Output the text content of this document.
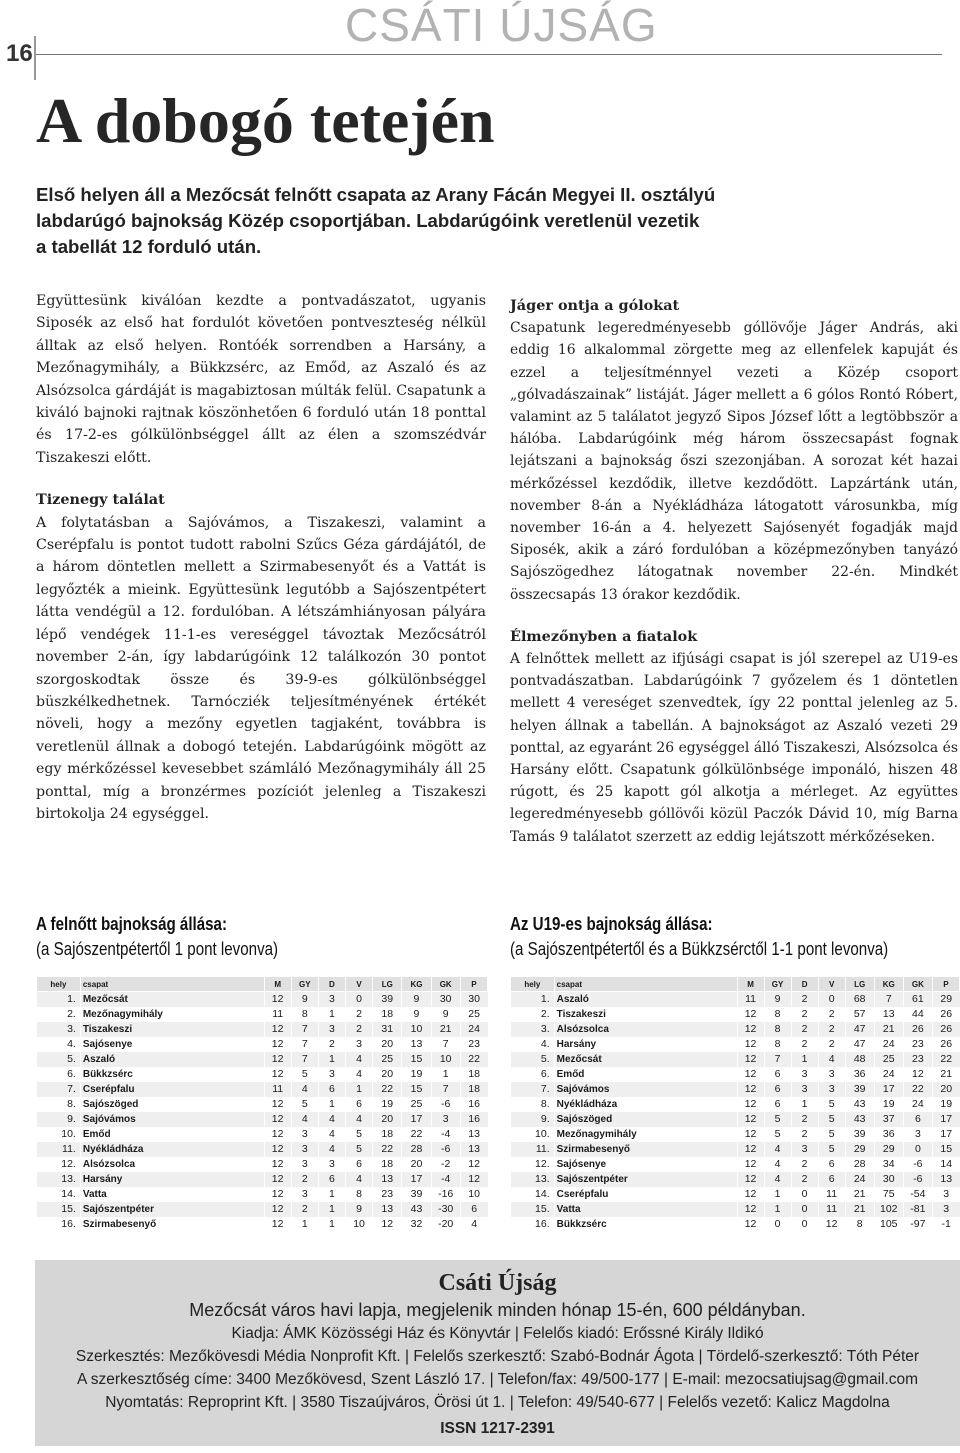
16
CSÁTI ÚJSÁG
A dobogó tetején
Első helyen áll a Mezőcsát felnőtt csapata az Arany Fácán Megyei II. osztályú
labdarúgó bajnokság Közép csoportjában. Labdarúgóink veretlenül vezetik
a tabellát 12 forduló után.

Együttesünk kiválóan kezdte a pontvadászatot, ugyanis Siposék az első hat fordulót követően pontveszteség nélkül álltak az első helyen. Rontóék sorrendben a Harsány, a Mezőnagymihály, a Bükkzsérc, az Emőd, az Aszaló és az Alsózsolca gárdáját is magabiztosan múlták felül. Csapatunk a kiváló bajnoki rajtnak köszönhetően 6 forduló után 18 ponttal és 17-2-es gólkülönbséggel állt az élen a szomszédvár Tiszakeszi előtt.

Tizenegy találat

A folytatásban a Sajóvámos, a Tiszakeszi, valamint a Cserépfalu is pontot tudott rabolni Szűcs Géza gárdájától, de a három döntetlen mellett a Szirmabesenyőt és a Vattát is legyőzték a mieink. Együttesünk legutóbb a Sajószentpétert látta vendégül a 12. fordulóban. A létszámhiányosan pályára lépő vendégek 11-1-es vereséggel távoztak Mezőcsátról november 2-án, így labdarúgóink 12 találkozón 30 pontot szorgoskodtak össze és 39-9-es gólkülönbséggel büszkélkedhetnek. Tarnócziék teljesítményének értékét növeli, hogy a mezőny egyetlen tagjaként, továbbra is veretlenül állnak a dobogó tetején. Labdarúgóink mögött az egy mérkőzéssel kevesebbet számláló Mezőnagymihály áll 25 ponttal, míg a bronzérmes pozíciót jelenleg a Tiszakeszi birtokolja 24 egységgel.

Jáger ontja a gólokat

Csapatunk legeredményesebb góllövője Jáger András, aki eddig 16 alkalommal zörgette meg az ellenfelek kapuját és ezzel a teljesítménnyel vezeti a Közép csoport „gólvadászainak” listáját. Jáger mellett a 6 gólos Rontó Róbert, valamint az 5 találatot jegyző Sipos József lőtt a legtöbbször a hálóba. Labdarúgóink még három összecsapást fognak lejátszani a bajnokság őszi szezonjában. A sorozat két hazai mérkőzéssel kezdődik, illetve kezdődött. Lapzártánk után, november 8-án a Nyékládháza látogatott városunkba, míg november 16-án a 4. helyezett Sajósenyét fogadják majd Siposék, akik a záró fordulóban a középmezőnyben tanyázó Sajószögedhez látogatnak november 22-én. Mindkét összecsapás 13 órakor kezdődik.

Élmezőnyben a fiatalok

A felnőttek mellett az ifjúsági csapat is jól szerepel az U19-es pontvadászatban. Labdarúgóink 7 győzelem és 1 döntetlen mellett 4 vereséget szenvedtek, így 22 ponttal jelenleg az 5. helyen állnak a tabellán. A bajnokságot az Aszaló vezeti 29 ponttal, az egyaránt 26 egységgel álló Tiszakeszi, Alsózsolca és Harsány előtt. Csapatunk gólkülönbsége imponáló, hiszen 48 rúgott, és 25 kapott gól alkotja a mérleget. Az együttes legeredményesebb góllövői közül Paczók Dávid 10, míg Barna Tamás 9 találatot szerzett az eddig lejátszott mérkőzéseken.

A felnőtt bajnokság állása:
(a Sajószentpétertől 1 pont levonva)
Az U19-es bajnokság állása:
(a Sajószentpétertől és a Bükkzsérctől 1-1 pont levonva)
hely	csapat	M	GY	D	V	LG	KG	GK	P
1.	Mezőcsát	12	9	3	0	39	9	30	30
2.	Mezőnagymihály	11	8	1	2	18	9	9	25
3.	Tiszakeszi	12	7	3	2	31	10	21	24
4.	Sajósenye	12	7	2	3	20	13	7	23
5.	Aszaló	12	7	1	4	25	15	10	22
6.	Bükkzsérc	12	5	3	4	20	19	1	18
7.	Cserépfalu	11	4	6	1	22	15	7	18
8.	Sajószöged	12	5	1	6	19	25	-6	16
9.	Sajóvámos	12	4	4	4	20	17	3	16
10.	Emőd	12	3	4	5	18	22	-4	13
11.	Nyékládháza	12	3	4	5	22	28	-6	13
12.	Alsózsolca	12	3	3	6	18	20	-2	12
13.	Harsány	12	2	6	4	13	17	-4	12
14.	Vatta	12	3	1	8	23	39	-16	10
15.	Sajószentpéter	12	2	1	9	13	43	-30	6
16.	Szirmabesenyő	12	1	1	10	12	32	-20	4
hely	csapat	M	GY	D	V	LG	KG	GK	P
1.	Aszaló	11	9	2	0	68	7	61	29
2.	Tiszakeszi	12	8	2	2	57	13	44	26
3.	Alsózsolca	12	8	2	2	47	21	26	26
4.	Harsány	12	8	2	2	47	24	23	26
5.	Mezőcsát	12	7	1	4	48	25	23	22
6.	Emőd	12	6	3	3	36	24	12	21
7.	Sajóvámos	12	6	3	3	39	17	22	20
8.	Nyékládháza	12	6	1	5	43	19	24	19
9.	Sajószöged	12	5	2	5	43	37	6	17
10.	Mezőnagymihály	12	5	2	5	39	36	3	17
11.	Szirmabesenyő	12	4	3	5	29	29	0	15
12.	Sajósenye	12	4	2	6	28	34	-6	14
13.	Sajószentpéter	12	4	2	6	24	30	-6	13
14.	Cserépfalu	12	1	0	11	21	75	-54	3
15.	Vatta	12	1	0	11	21	102	-81	3
16.	Bükkzsérc	12	0	0	12	8	105	-97	-1
Csáti Újság
Mezőcsát város havi lapja, megjelenik minden hónap 15-én, 600 példányban.
Kiadja: ÁMK Közösségi Ház és Könyvtár | Felelős kiadó: Erőssné Király Ildikó
Szerkesztés: Mezőkövesdi Média Nonprofit Kft. | Felelős szerkesztő: Szabó-Bodnár Ágota | Tördelő-szerkesztő: Tóth Péter
A szerkesztőség címe: 3400 Mezőkövesd, Szent László 17. | Telefon/fax: 49/500-177 | E-mail: mezocsatiujsag@gmail.com
Nyomtatás: Reproprint Kft. | 3580 Tiszaújváros, Örösi út 1. | Telefon: 49/540-677 | Felelős vezető: Kalicz Magdolna
ISSN 1217-2391
